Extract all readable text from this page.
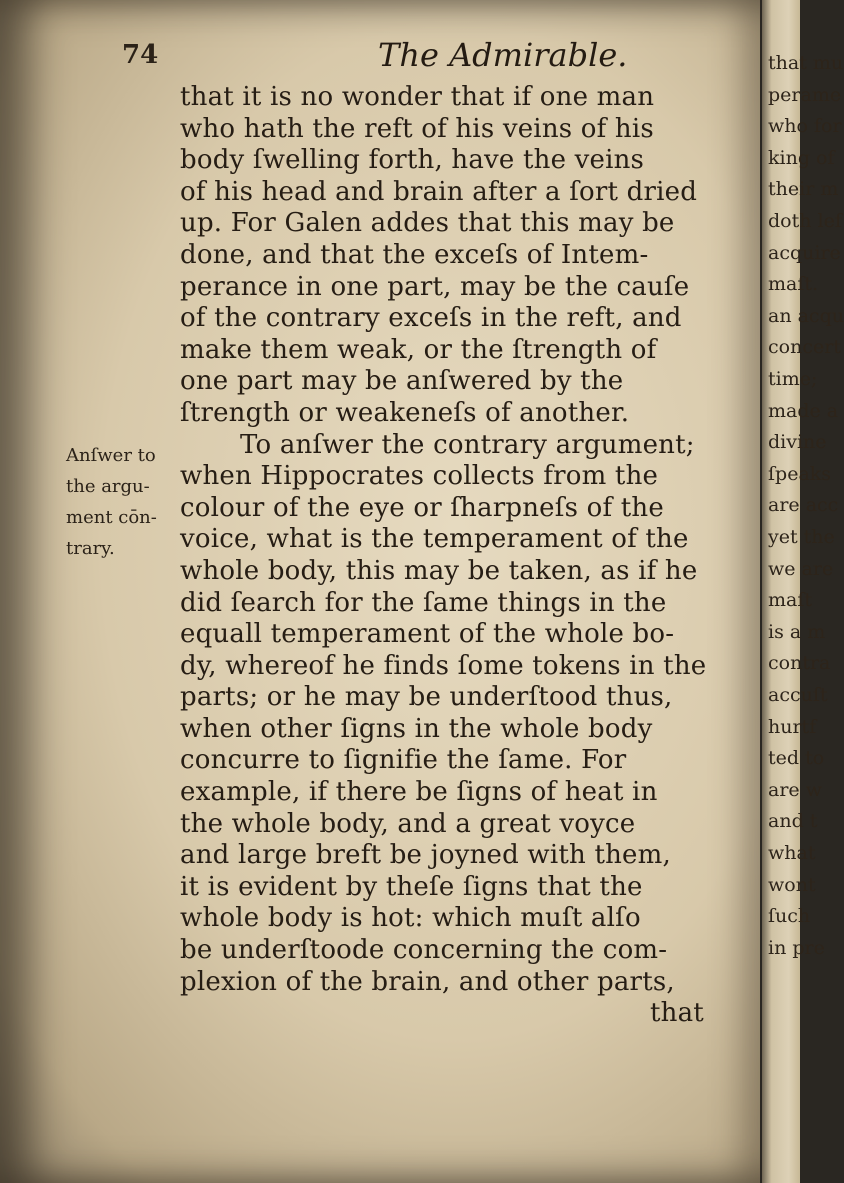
74	The Admirable.
Anſwer to
the argu-
ment cōn-
trary.
that it is no wonder that if one man
who hath the reft of his veins of his
body ſwelling forth, have the veins
of his head and brain after a ſort dried
up. For Galen addes that this may be
done, and that the exceſs of Intem-
perance in one part, may be the cauſe
of the contrary exceſs in the reft, and
make them weak, or the ſtrength of
one part may be anſwered by the
ſtrength or weakeneſs of another.
To anſwer the contrary argument;
when Hippocrates collects from the
colour of the eye or ſharpneſs of the
voice, what is the temperament of the
whole body, this may be taken, as if he
did ſearch for the ſame things in the
equall temperament of the whole bo-
dy, whereof he finds ſome tokens in the
parts; or he may be underſtood thus,
when other ſigns in the whole body
concurre to ſignifie the ſame. For
example, if there be ſigns of heat in
the whole body, and a great voyce
and large breft be joyned with them,
it is evident by theſe ſigns that the
whole body is hot: which muſt alſo
be underſtoode concerning the com-
plexion of the brain, and other parts,
that
that mu
perame
who for
king of
their m
doth lef
acquire
maſt.
an acqu
concert
time;
made a
divine
ſpeaks
are acc
yet the
we are
maſt
is a m
contra
accuſt
hurtf
ted to
are w
and t
what
wont
ſuch
in pre
